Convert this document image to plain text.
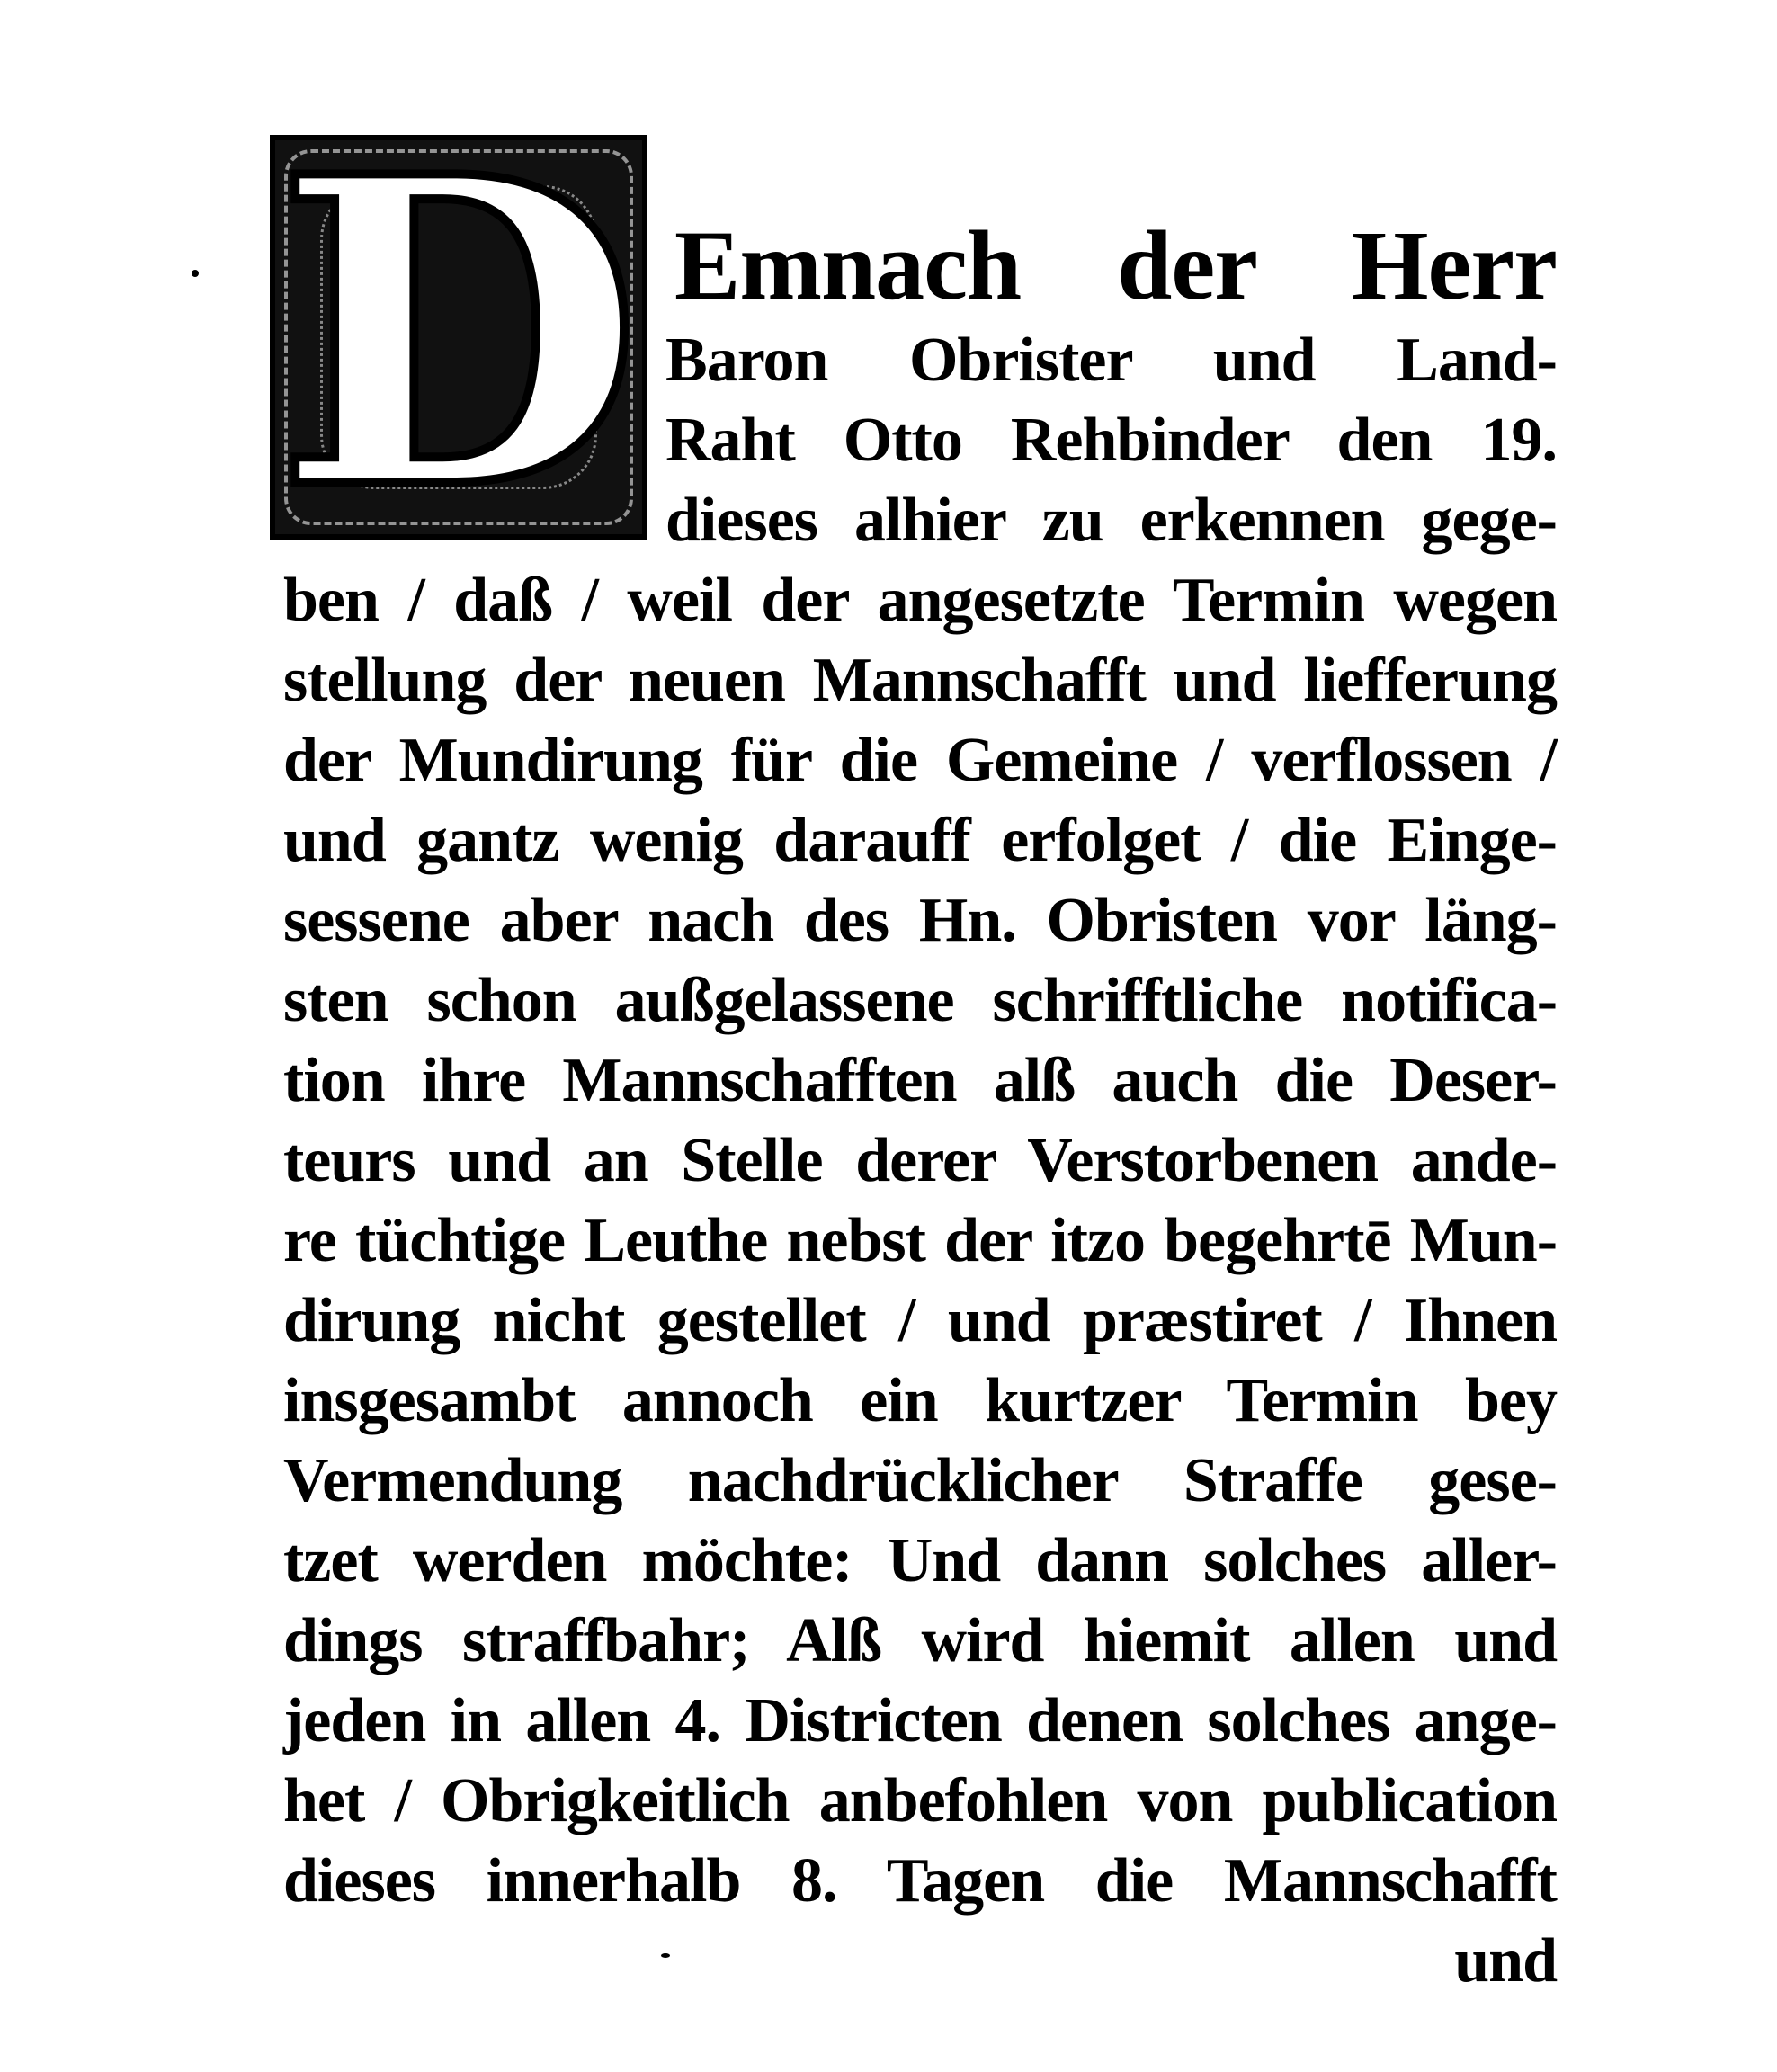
D Emnach der Herr
Baron Obrister und Land-
Raht Otto Rehbinder den 19.
dieses alhier zu erkennen gege-
ben / daß / weil der angesetzte Termin wegen
stellung der neuen Mannschafft und liefferung
der Mundirung für die Gemeine / verflossen /
und gantz wenig darauff erfolget / die Einge-
sessene aber nach des Hn. Obristen vor läng-
sten schon außgelassene schrifftliche notifica-
tion ihre Mannschafften alß auch die Deser-
teurs und an Stelle derer Verstorbenen ande-
re tüchtige Leuthe nebst der itzo begehrtē Mun-
dirung nicht gestellet / und præstiret / Ihnen
insgesambt annoch ein kurtzer Termin bey
Vermendung nachdrücklicher Straffe gese-
tzet werden möchte: Und dann solches aller-
dings straffbahr; Alß wird hiemit allen und
jeden in allen 4. Districten denen solches ange-
het / Obrigkeitlich anbefohlen von publication
dieses innerhalb 8. Tagen die Mannschafft
und
